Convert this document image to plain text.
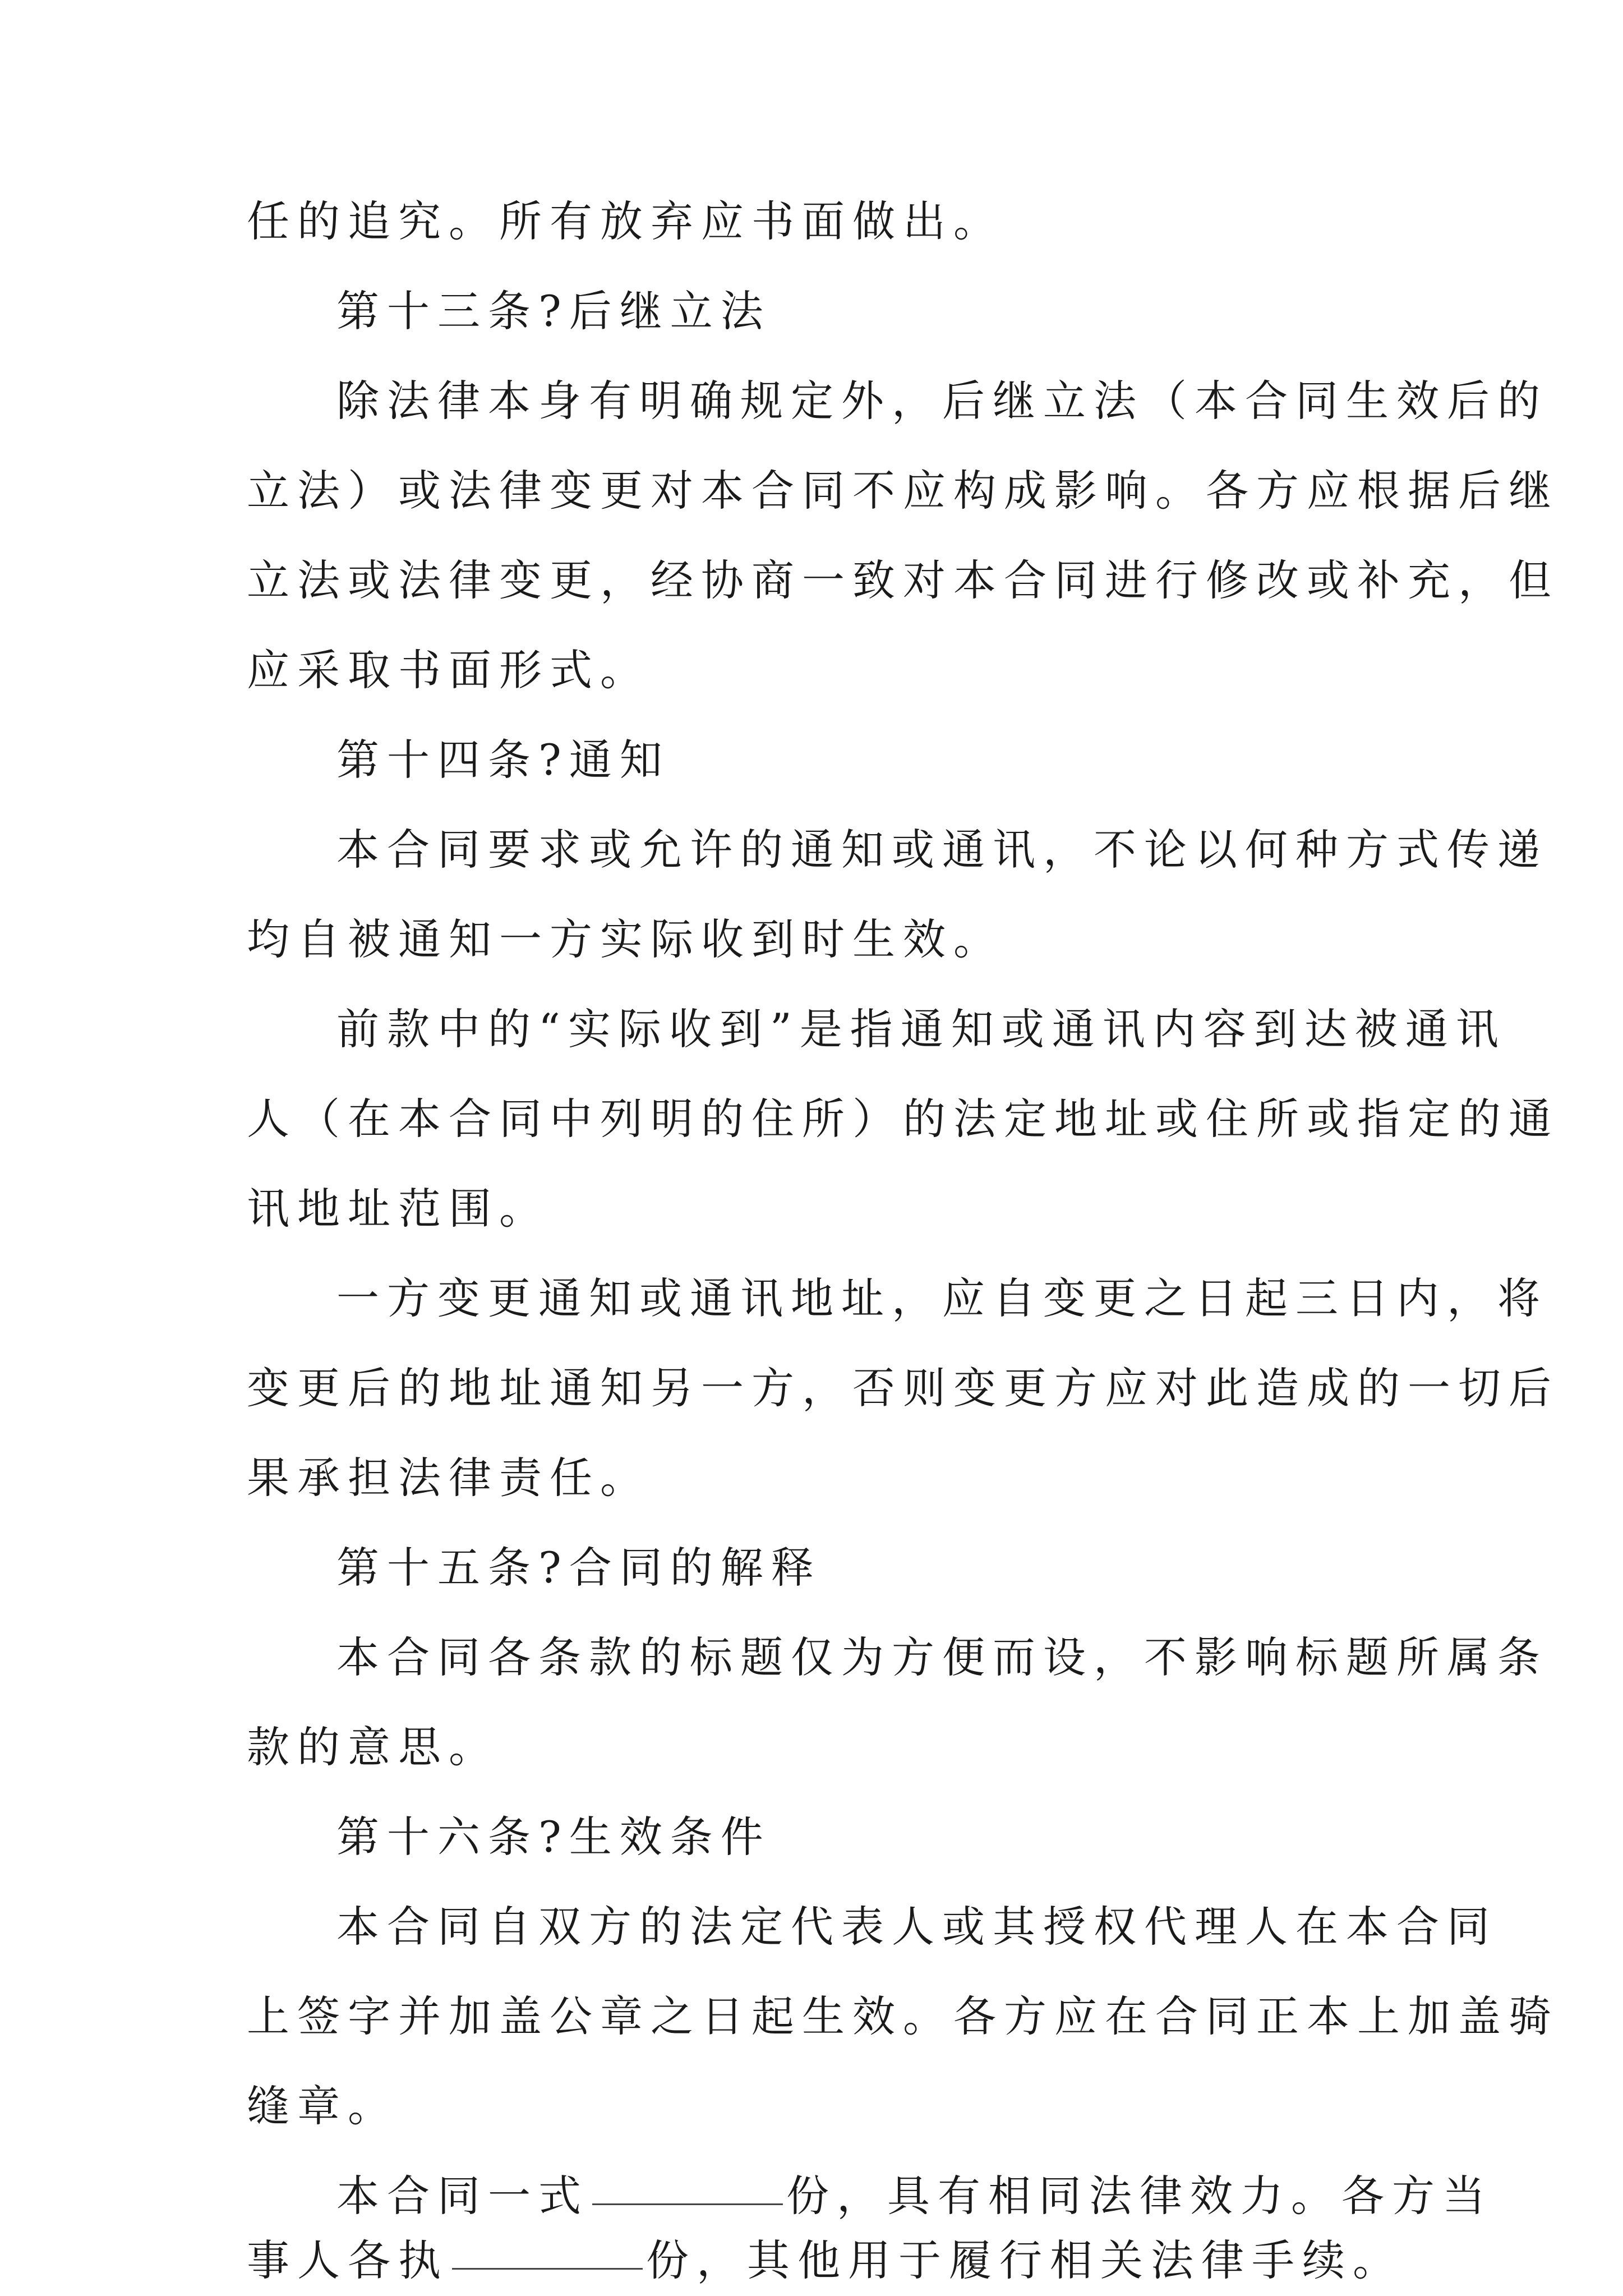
任的追究。所有放弃应书面做出。
第十三条?后继立法
除法律本身有明确规定外，后继立法（本合同生效后的
立法）或法律变更对本合同不应构成影响。各方应根据后继
立法或法律变更，经协商一致对本合同进行修改或补充，但
应采取书面形式。
第十四条?通知
本合同要求或允许的通知或通讯，不论以何种方式传递
均自被通知一方实际收到时生效。
前款中的“实际收到”是指通知或通讯内容到达被通讯
人（在本合同中列明的住所）的法定地址或住所或指定的通
讯地址范围。
一方变更通知或通讯地址，应自变更之日起三日内，将
变更后的地址通知另一方，否则变更方应对此造成的一切后
果承担法律责任。
第十五条?合同的解释
本合同各条款的标题仅为方便而设，不影响标题所属条
款的意思。
第十六条?生效条件
本合同自双方的法定代表人或其授权代理人在本合同
上签字并加盖公章之日起生效。各方应在合同正本上加盖骑
缝章。
本合同一式	份，具有相同法律效力。各方当
事人各执	份，其他用于履行相关法律手续。
